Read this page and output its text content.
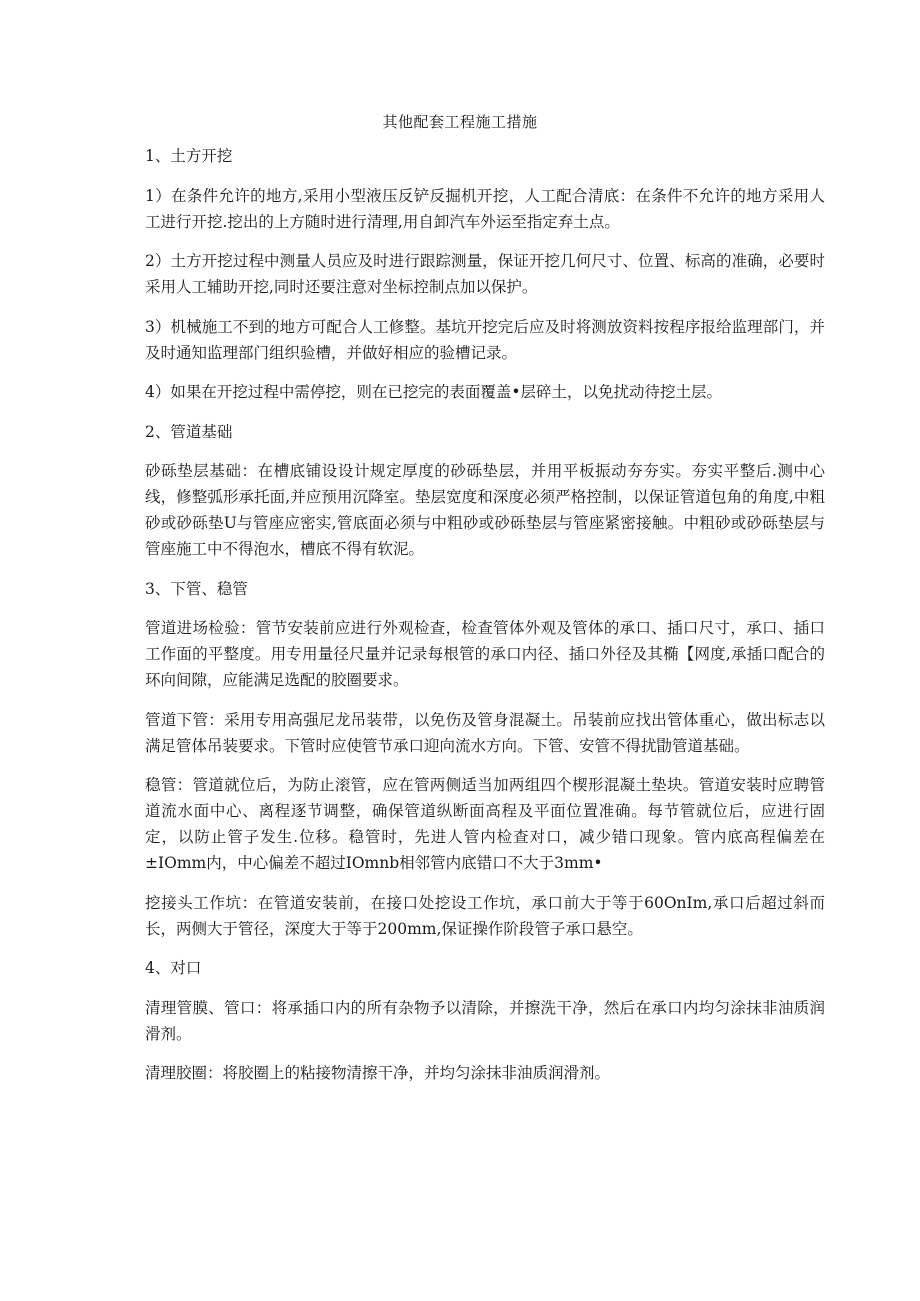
其他配套工程施工措施
1、土方开挖

1）在条件允许的地方,采用小型液压反铲反掘机开挖，人工配合清底：在条件不允许的地方采用人工进行开挖.挖出的上方随时进行清理,用自卸汽车外运至指定弃土点。

2）土方开挖过程中测量人员应及时进行跟踪测量，保证开挖几何尺寸、位置、标高的准确，必要时采用人工辅助开挖,同时还要注意对坐标控制点加以保护。

3）机械施工不到的地方可配合人工修整。基坑开挖完后应及时将测放资料按程序报给监理部门，并及时通知监理部门组织验槽，并做好相应的验槽记录。

4）如果在开挖过程中需停挖，则在已挖完的表面覆盖•层碎土，以免扰动待挖土层。

2、管道基础

砂砾垫层基础：在槽底铺设设计规定厚度的砂砾垫层，并用平板振动夯夯实。夯实平整后.测中心线，修整弧形承托面,并应预用沉降室。垫层宽度和深度必须严格控制，以保证管道包角的角度,中粗砂或砂砾垫U与管座应密实,管底面必须与中粗砂或砂砾垫层与管座紧密接触。中粗砂或砂砾垫层与管座施工中不得泡水，槽底不得有软泥。

3、下管、稳管

管道进场检验：管节安装前应进行外观检查，检查管体外观及管体的承口、插口尺寸，承口、插口工作面的平整度。用专用量径尺量并记录每根管的承口内径、插口外径及其椭【网度,承插口配合的环向间隙，应能满足选配的胶圈要求。

管道下管：采用专用高强尼龙吊装带，以免伤及管身混凝土。吊装前应找出管体重心，做出标志以满足管体吊装要求。下管时应使管节承口迎向流水方向。下管、安管不得扰勖管道基础。

稳管：管道就位后，为防止滚管，应在管两侧适当加两组四个楔形混凝土垫块。管道安装时应聘管道流水面中心、离程逐节调整，确保管道纵断面高程及平面位置准确。每节管就位后，应进行固定，以防止管子发生.位移。稳管时，先进人管内检查对口，减少错口现象。管内底高程偏差在±IOmm内，中心偏差不超过IOmnb相邻管内底错口不大于3mm•

挖接头工作坑：在管道安装前，在接口处挖设工作坑，承口前大于等于60OnIm,承口后超过斜而长，两侧大于管径，深度大于等于200mm,保证操作阶段管子承口悬空。

4、对口

清理管膜、管口：将承插口内的所有杂物予以清除，并擦洗干净，然后在承口内均匀涂抹非油质润滑剂。

清理胶圈：将胶圈上的粘接物清擦干净，并均匀涂抹非油质润滑剂。
